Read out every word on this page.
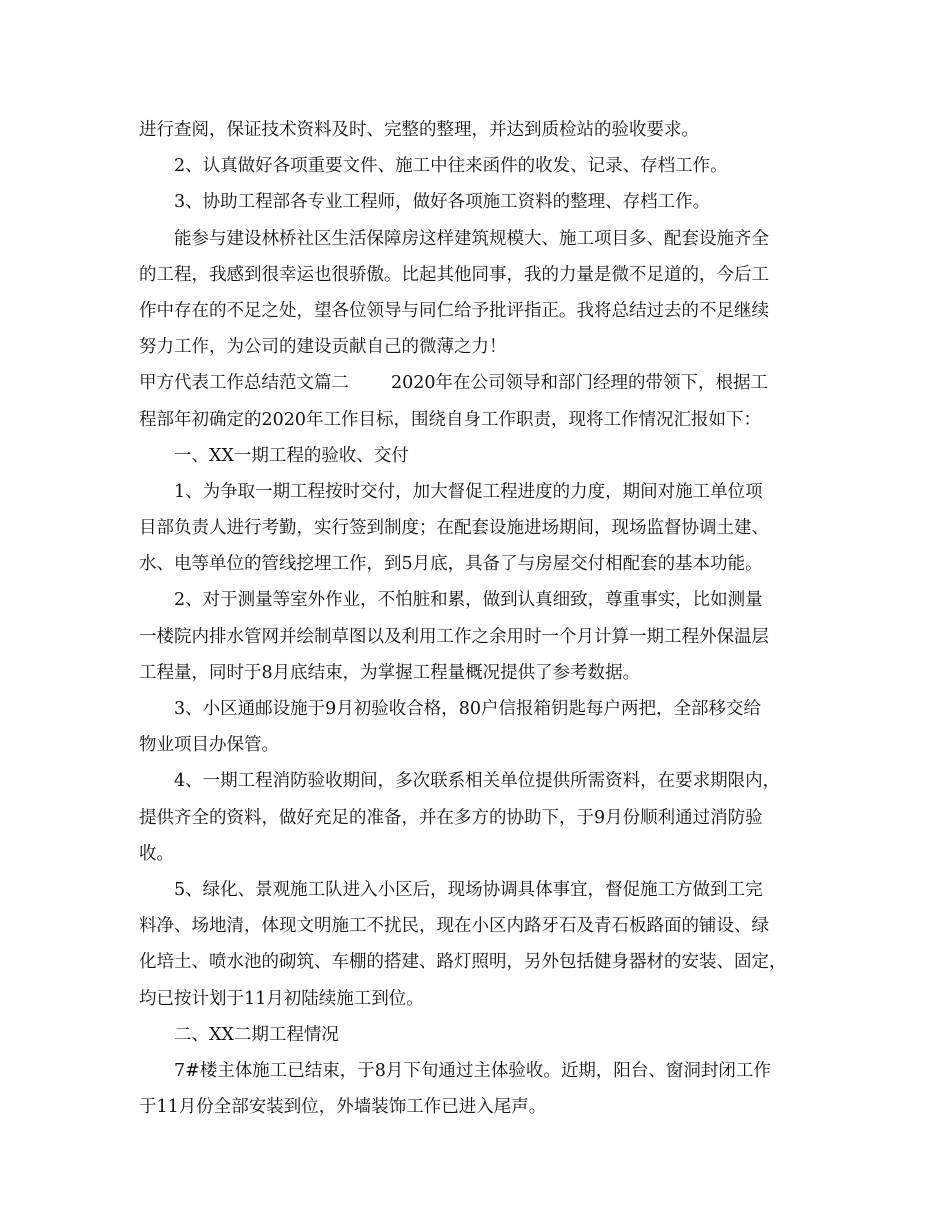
进行查阅，保证技术资料及时、完整的整理，并达到质检站的验收要求。
2、认真做好各项重要文件、施工中往来函件的收发、记录、存档工作。
3、协助工程部各专业工程师，做好各项施工资料的整理、存档工作。
能参与建设林桥社区生活保障房这样建筑规模大、施工项目多、配套设施齐全
的工程，我感到很幸运也很骄傲。比起其他同事，我的力量是微不足道的，今后工
作中存在的不足之处，望各位领导与同仁给予批评指正。我将总结过去的不足继续
努力工作，为公司的建设贡献自己的微薄之力！
甲方代表工作总结范文篇二 2020年在公司领导和部门经理的带领下，根据工
程部年初确定的2020年工作目标，围绕自身工作职责，现将工作情况汇报如下：
一、XX一期工程的验收、交付
1、为争取一期工程按时交付，加大督促工程进度的力度，期间对施工单位项
目部负责人进行考勤，实行签到制度；在配套设施进场期间，现场监督协调土建、
水、电等单位的管线挖埋工作，到5月底，具备了与房屋交付相配套的基本功能。
2、对于测量等室外作业，不怕脏和累，做到认真细致，尊重事实，比如测量
一楼院内排水管网并绘制草图以及利用工作之余用时一个月计算一期工程外保温层
工程量，同时于8月底结束，为掌握工程量概况提供了参考数据。
3、小区通邮设施于9月初验收合格，80户信报箱钥匙每户两把，全部移交给
物业项目办保管。
4、一期工程消防验收期间，多次联系相关单位提供所需资料，在要求期限内，
提供齐全的资料，做好充足的准备，并在多方的协助下，于9月份顺利通过消防验
收。
5、绿化、景观施工队进入小区后，现场协调具体事宜，督促施工方做到工完
料净、场地清，体现文明施工不扰民，现在小区内路牙石及青石板路面的铺设、绿
化培土、喷水池的砌筑、车棚的搭建、路灯照明，另外包括健身器材的安装、固定，
均已按计划于11月初陆续施工到位。
二、XX二期工程情况
7#楼主体施工已结束，于8月下旬通过主体验收。近期，阳台、窗洞封闭工作
于11月份全部安装到位，外墙装饰工作已进入尾声。
